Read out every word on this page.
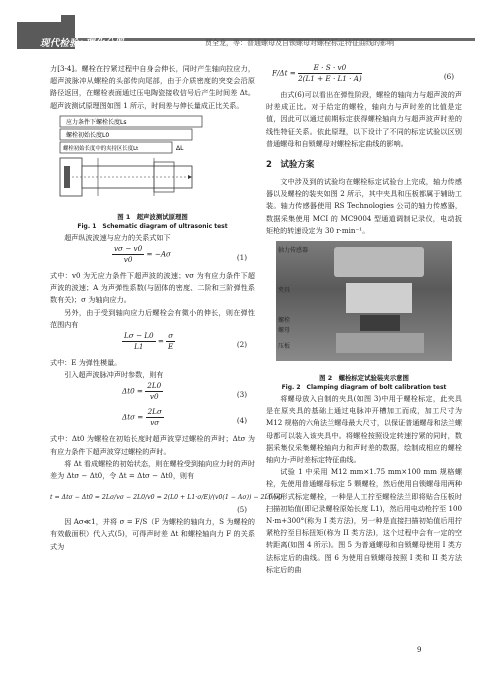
现代检验•理化分册	贾全龙，等：普通螺母及自锁螺母对螺栓标定特征曲线的影响

力[3-4]。螺栓在拧紧过程中自身会伸长，同时产生轴向拉应力，超声波脉冲从螺栓的头部传向尾部，由于介质密度的突变会沿原路径返回，在螺栓表面通过压电陶瓷接收信号后产生时间差 Δt。超声波测试原理图如图 1 所示，时间差与伸长量成正比关系。

应力条件下螺栓长度Ls
螺栓初始长度L0
螺栓初始长度中的夹持区长度Lt	ΔL
图 1　超声波测试原理图
Fig. 1　Schematic diagram of ultrasonic test

超声纵波波速与应力的关系式如下

$\frac{v\sigma - v0}{v0} = -A\sigma$	(1)

式中：v0 为无应力条件下超声波的波速；vσ 为有应力条件下超声波的波速；A 为声弹性系数(与固体的密度、二阶和三阶弹性系数有关)；σ 为轴向应力。

另外，由于受到轴向应力后螺栓会有微小的伸长，则在弹性范围内有

$\frac{L\sigma - L0}{L1} = \frac{\sigma}{E}$	(2)

式中：E 为弹性模量。

引入超声波脉冲声时参数，则有

$\Delta t0 = \frac{2L0}{v0}$	(3)
$\Delta t\sigma = \frac{2L\sigma}{v\sigma}$	(4)

式中：Δt0 为螺栓在初始长度时超声波穿过螺栓的声时；Δtσ 为有应力条件下超声波穿过螺栓的声时。

将 Δt 看成螺栓的初始状态，则在螺栓受到轴向应力时的声时差为 Δtσ − Δt0，令 Δt = Δtσ − Δt0，则有

t = Δtσ − Δt0 = 2Lσ/vσ − 2L0/v0 = 2(L0 + L1·σ/E)/(v0(1 − Aσ)) − 2L0/v0
(5)

因 Aσ≪1，并将 σ = F/S（F 为螺栓的轴向力，S 为螺栓的有效截面积）代入式(5)，可得声时差 Δt 和螺栓轴向力 F 的关系式为

$F/\Delta t = \frac{E \cdot S \cdot v0}{2(L1 + E \cdot L1 \cdot A)}$	(6)

由式(6)可以看出在弹性阶段，螺栓的轴向力与超声波的声时差成正比。对于给定的螺栓，轴向力与声时差的比值是定值，因此可以通过前期标定获得螺栓轴向力与超声波声时差的线性特征关系。依此原理，以下设计了不同的标定试验以区别普通螺母和自锁螺母对螺栓标定曲线的影响。

2　试验方案

文中涉及到的试验均在螺栓标定试验台上完成，轴力传感器以及螺栓的装夹如图 2 所示，其中夹具和压板都属于辅助工装。轴力传感器使用 RS Technologies 公司的轴力传感器，数据采集使用 MCI 的 MC9004 型通道调制记录仪，电动扳矩枪的转速设定为 30 r·min⁻¹。

轴力传感器
夹具
螺栓
螺母
压板
图 2　螺栓标定试验装夹示意图
Fig. 2　Clamping diagram of bolt calibration test

将螺母放入自制的夹具(如图 3)中用于螺栓标定，此夹具是在原夹具的基础上通过电脉冲开槽加工而成，加工尺寸为 M12 规格的六角法兰螺母最大尺寸，以保证普通螺母和法兰螺母都可以装入该夹具中。将螺栓按照设定转速拧紧的同时，数据采集仪采集螺栓轴向力和声时差的数据，绘制成相应的螺栓轴向力-声时差标定特征曲线。

试验 1 中采用 M12 mm×1.75 mm×100 mm 规格螺栓，先使用普通螺母标定 5 颗螺栓，然后使用自锁螺母用两种不同形式标定螺栓，一种是人工拧至螺栓法兰即将贴合压板时扫描初始值(即记录螺栓原始长度 L1)，然后用电动枪拧至 100 N·m+300°(称为 I 类方法)，另一种是直接扫描初始值后用拧紧枪拧至目标扭矩(称为 II 类方法)，这个过程中会有一定的空转距离(如图 4 所示)。图 5 为普通螺母和自锁螺母使用 I 类方法标定后的曲线。图 6 为使用自锁螺母按照 I 类和 II 类方法标定后的曲

9
